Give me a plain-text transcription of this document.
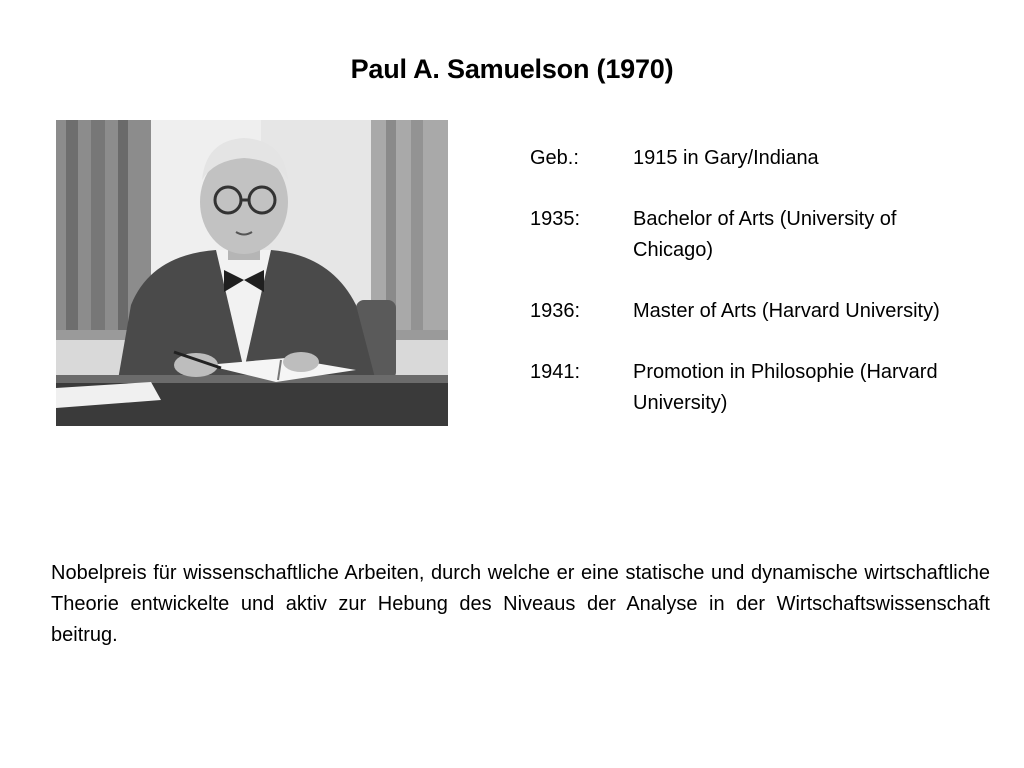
Paul A. Samuelson (1970)
Geb.:	1915 in Gary/Indiana
1935:	Bachelor of Arts (University of Chicago)
1936:	Master of Arts (Harvard University)
1941:	Promotion in Philosophie (Harvard University)
Nobelpreis für wissenschaftliche Arbeiten, durch welche er eine statische und dynamische wirtschaftliche Theorie entwickelte und aktiv zur Hebung des Niveaus der Analyse in der Wirtschaftswissenschaft beitrug.
